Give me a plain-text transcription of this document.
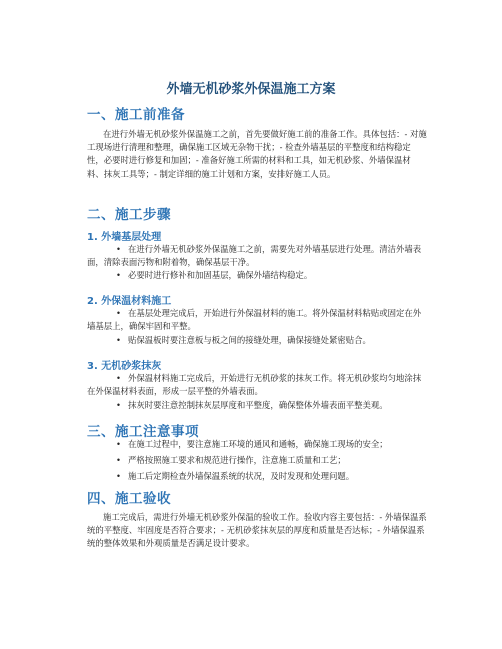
外墙无机砂浆外保温施工方案
一、施工前准备
在进行外墙无机砂浆外保温施工之前，首先要做好施工前的准备工作。具体包括：- 对施工现场进行清理和整理，确保施工区域无杂物干扰；- 检查外墙基层的平整度和结构稳定性，必要时进行修复和加固；- 准备好施工所需的材料和工具，如无机砂浆、外墙保温材料、抹灰工具等；- 制定详细的施工计划和方案，安排好施工人员。
二、施工步骤
1. 外墙基层处理
• 在进行外墙无机砂浆外保温施工之前，需要先对外墙基层进行处理。清洁外墙表面，清除表面污物和附着物，确保基层干净。
• 必要时进行修补和加固基层，确保外墙结构稳定。
2. 外保温材料施工
• 在基层处理完成后，开始进行外保温材料的施工。将外保温材料粘贴或固定在外墙基层上，确保牢固和平整。
• 贴保温板时要注意板与板之间的接缝处理，确保接缝处紧密贴合。
3. 无机砂浆抹灰
• 外保温材料施工完成后，开始进行无机砂浆的抹灰工作。将无机砂浆均匀地涂抹在外保温材料表面，形成一层平整的外墙表面。
• 抹灰时要注意控制抹灰层厚度和平整度，确保整体外墙表面平整美观。
三、施工注意事项
• 在施工过程中，要注意施工环境的通风和通畅，确保施工现场的安全；
• 严格按照施工要求和规范进行操作，注意施工质量和工艺；
• 施工后定期检查外墙保温系统的状况，及时发现和处理问题。
四、施工验收
施工完成后，需进行外墙无机砂浆外保温的验收工作。验收内容主要包括：- 外墙保温系统的平整度、牢固度是否符合要求；- 无机砂浆抹灰层的厚度和质量是否达标；- 外墙保温系统的整体效果和外观质量是否满足设计要求。
